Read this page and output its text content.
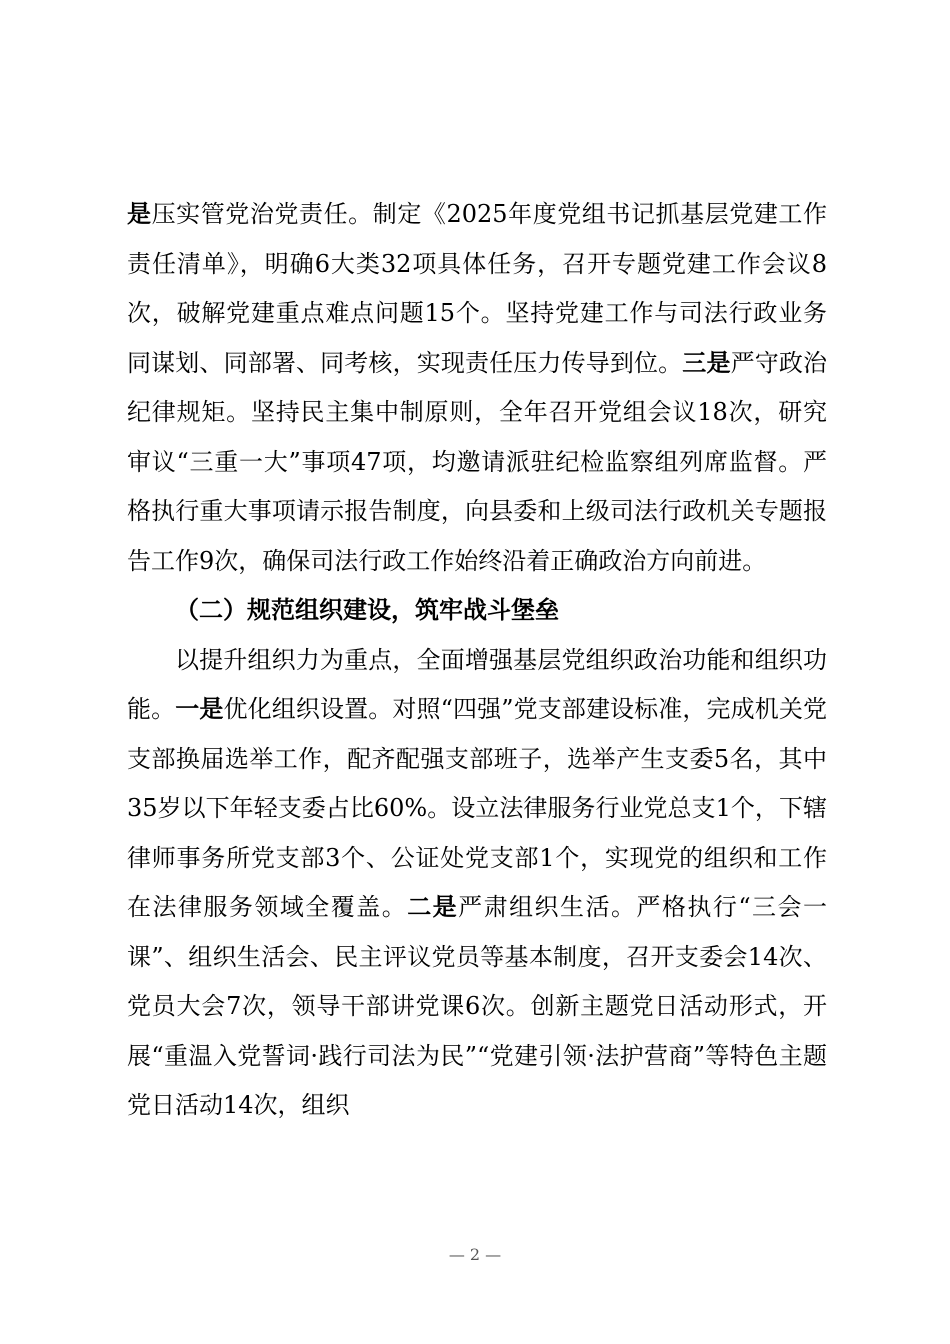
是压实管党治党责任。制定《2025年度党组书记抓基层党建工作责任清单》，明确6大类32项具体任务，召开专题党建工作会议8次，破解党建重点难点问题15个。坚持党建工作与司法行政业务同谋划、同部署、同考核，实现责任压力传导到位。三是严守政治纪律规矩。坚持民主集中制原则，全年召开党组会议18次，研究审议“三重一大”事项47项，均邀请派驻纪检监察组列席监督。严格执行重大事项请示报告制度，向县委和上级司法行政机关专题报告工作9次，确保司法行政工作始终沿着正确政治方向前进。

（二）规范组织建设，筑牢战斗堡垒

以提升组织力为重点，全面增强基层党组织政治功能和组织功能。一是优化组织设置。对照“四强”党支部建设标准，完成机关党支部换届选举工作，配齐配强支部班子，选举产生支委5名，其中35岁以下年轻支委占比60%。设立法律服务行业党总支1个，下辖律师事务所党支部3个、公证处党支部1个，实现党的组织和工作在法律服务领域全覆盖。二是严肃组织生活。严格执行“三会一课”、组织生活会、民主评议党员等基本制度，召开支委会14次、党员大会7次，领导干部讲党课6次。创新主题党日活动形式，开展“重温入党誓词·践行司法为民”“党建引领·法护营商”等特色主题党日活动14次，组织

— 2 —
